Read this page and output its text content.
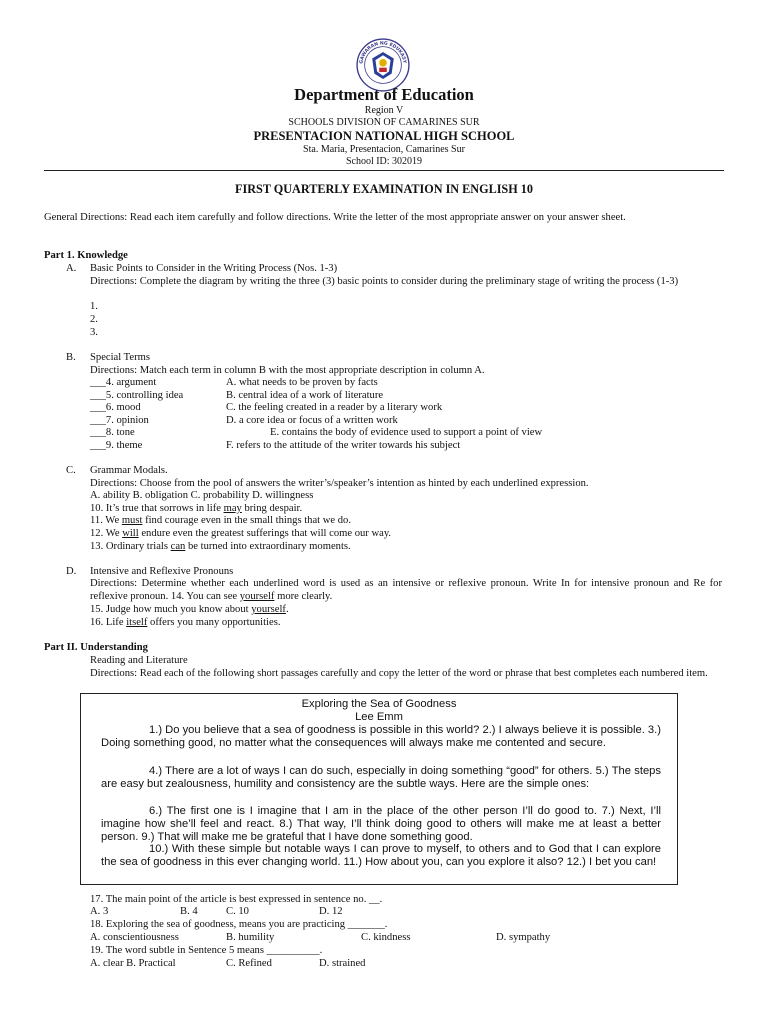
GAWARAN NG EDUKASY
Department of Education
Region V
SCHOOLS DIVISION OF CAMARINES SUR
PRESENTACION NATIONAL HIGH SCHOOL
Sta. Maria, Presentacion, Camarines Sur
School ID: 302019
FIRST QUARTERLY EXAMINATION IN ENGLISH 10
General Directions: Read each item carefully and follow directions. Write the letter of the most appropriate answer on your answer sheet.
Part 1. Knowledge
A. Basic Points to Consider in the Writing Process (Nos. 1-3)
Directions: Complete the diagram by writing the three (3) basic points to consider during the preliminary stage of writing the process (1-3)
1.
2.
3.
B. Special Terms
Directions: Match each term in column B with the most appropriate description in column A.
___4. argument	A. what needs to be proven by facts
___5. controlling idea	B. central idea of a work of literature
___6. mood	C. the feeling created in a reader by a literary work
___7. opinion	D. a core idea or focus of a written work
___8. tone	E. contains the body of evidence used to support a point of view
___9. theme	F. refers to the attitude of the writer towards his subject
C. Grammar Modals.
Directions: Choose from the pool of answers the writer’s/speaker’s intention as hinted by each underlined expression.
A. ability B. obligation C. probability D. willingness
10. It’s true that sorrows in life may bring despair.
11. We must find courage even in the small things that we do.
12. We will endure even the greatest sufferings that will come our way.
13. Ordinary trials can be turned into extraordinary moments.
D. Intensive and Reflexive Pronouns
Directions: Determine whether each underlined word is used as an intensive or reflexive pronoun. Write In for intensive pronoun and Re for reflexive pronoun. 14. You can see yourself more clearly.
15. Judge how much you know about yourself.
16. Life itself offers you many opportunities.
Part II. Understanding
Reading and Literature
Directions: Read each of the following short passages carefully and copy the letter of the word or phrase that best completes each numbered item.
Exploring the Sea of Goodness
Lee Emm
1.) Do you believe that a sea of goodness is possible in this world? 2.) I always believe it is possible. 3.) Doing something good, no matter what the consequences will always make me contented and secure.
4.) There are a lot of ways I can do such, especially in doing something “good” for others. 5.) The steps are easy but zealousness, humility and consistency are the subtle ways. Here are the simple ones:
6.) The first one is I imagine that I am in the place of the other person I’ll do good to. 7.) Next, I’ll imagine how she’ll feel and react. 8.) That way, I’ll think doing good to others will make me at least a better person. 9.) That will make me be grateful that I have done something good.
10.) With these simple but notable ways I can prove to myself, to others and to God that I can explore the sea of goodness in this ever changing world. 11.) How about you, can you explore it also? 12.) I bet you can!
17. The main point of the article is best expressed in sentence no. __.
A. 3	B. 4	C. 10	D. 12
18. Exploring the sea of goodness, means you are practicing _______.
A. conscientiousness	B. humility	C. kindness	D. sympathy
19. The word subtle in Sentence 5 means __________.
A. clear B. Practical	C. Refined	D. strained
